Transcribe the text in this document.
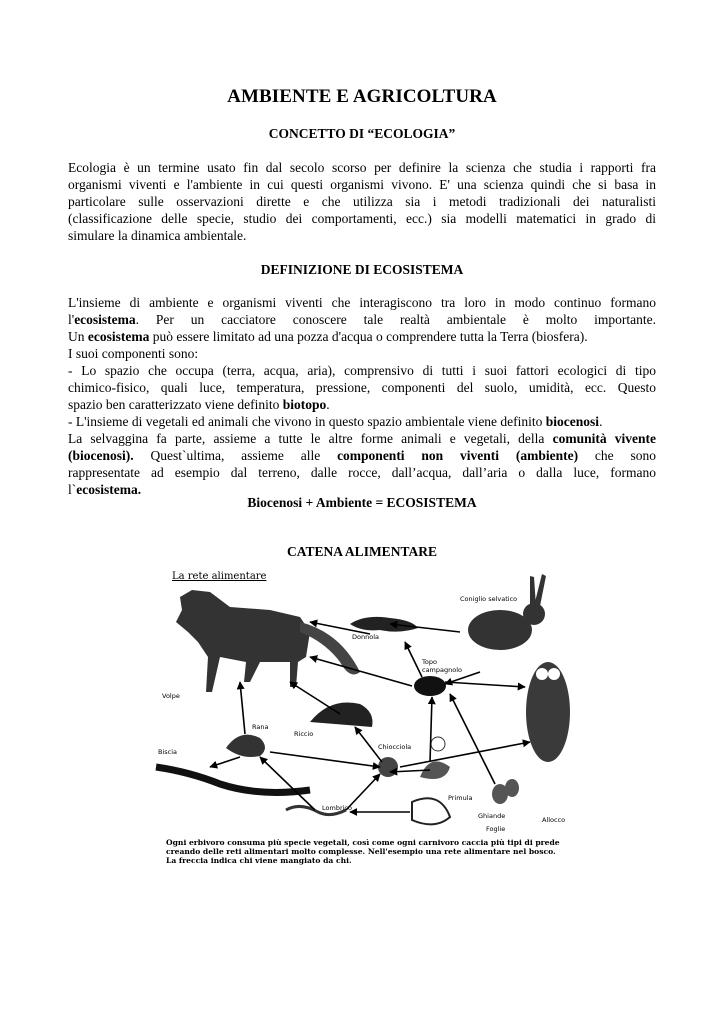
AMBIENTE E AGRICOLTURA
CONCETTO DI “ECOLOGIA”
Ecologia è un termine usato fin dal secolo scorso per definire la scienza che studia i rapporti fra
organismi viventi e l'ambiente in cui questi organismi vivono. E' una scienza quindi che si basa in
particolare sulle osservazioni dirette e che utilizza sia i metodi tradizionali dei naturalisti
(classificazione delle specie, studio dei comportamenti, ecc.) sia modelli matematici in grado di
simulare la dinamica ambientale.
DEFINIZIONE DI ECOSISTEMA
L'insieme di ambiente e organismi viventi che interagiscono tra loro in modo continuo formano
l'ecosistema. Per un cacciatore conoscere tale realtà ambientale è molto importante.
Un ecosistema può essere limitato ad una pozza d'acqua o comprendere tutta la Terra (biosfera).
I suoi componenti sono:
- Lo spazio che occupa (terra, acqua, aria), comprensivo di tutti i suoi fattori ecologici di tipo
chimico-fisico, quali luce, temperatura, pressione, componenti del suolo, umidità, ecc. Questo
spazio ben caratterizzato viene definito biotopo.
- L'insieme di vegetali ed animali che vivono in questo spazio ambientale viene definito biocenosi.
La selvaggina fa parte, assieme a tutte le altre forme animali e vegetali, della comunità vivente
(biocenosi). Quest`ultima, assieme alle componenti non viventi (ambiente) che sono
rappresentate ad esempio dal terreno, dalle rocce, dall’acqua, dall’aria o dalla luce, formano
l`ecosistema.
Biocenosi + Ambiente = ECOSISTEMA
CATENA ALIMENTARE
La rete alimentare
Coniglio selvatico
Donnola
Topo
campagnolo
Volpe
Rana
Riccio
Chiocciola
Biscia
Lombrico
Primula
Ghiande
Foglie
Allocco
Ogni erbivoro consuma più specie vegetali, così come ogni carnivoro caccia più tipi di prede creando delle reti alimentari molto complesse. Nell'esempio una rete alimentare nel bosco. La freccia indica chi viene mangiato da chi.
